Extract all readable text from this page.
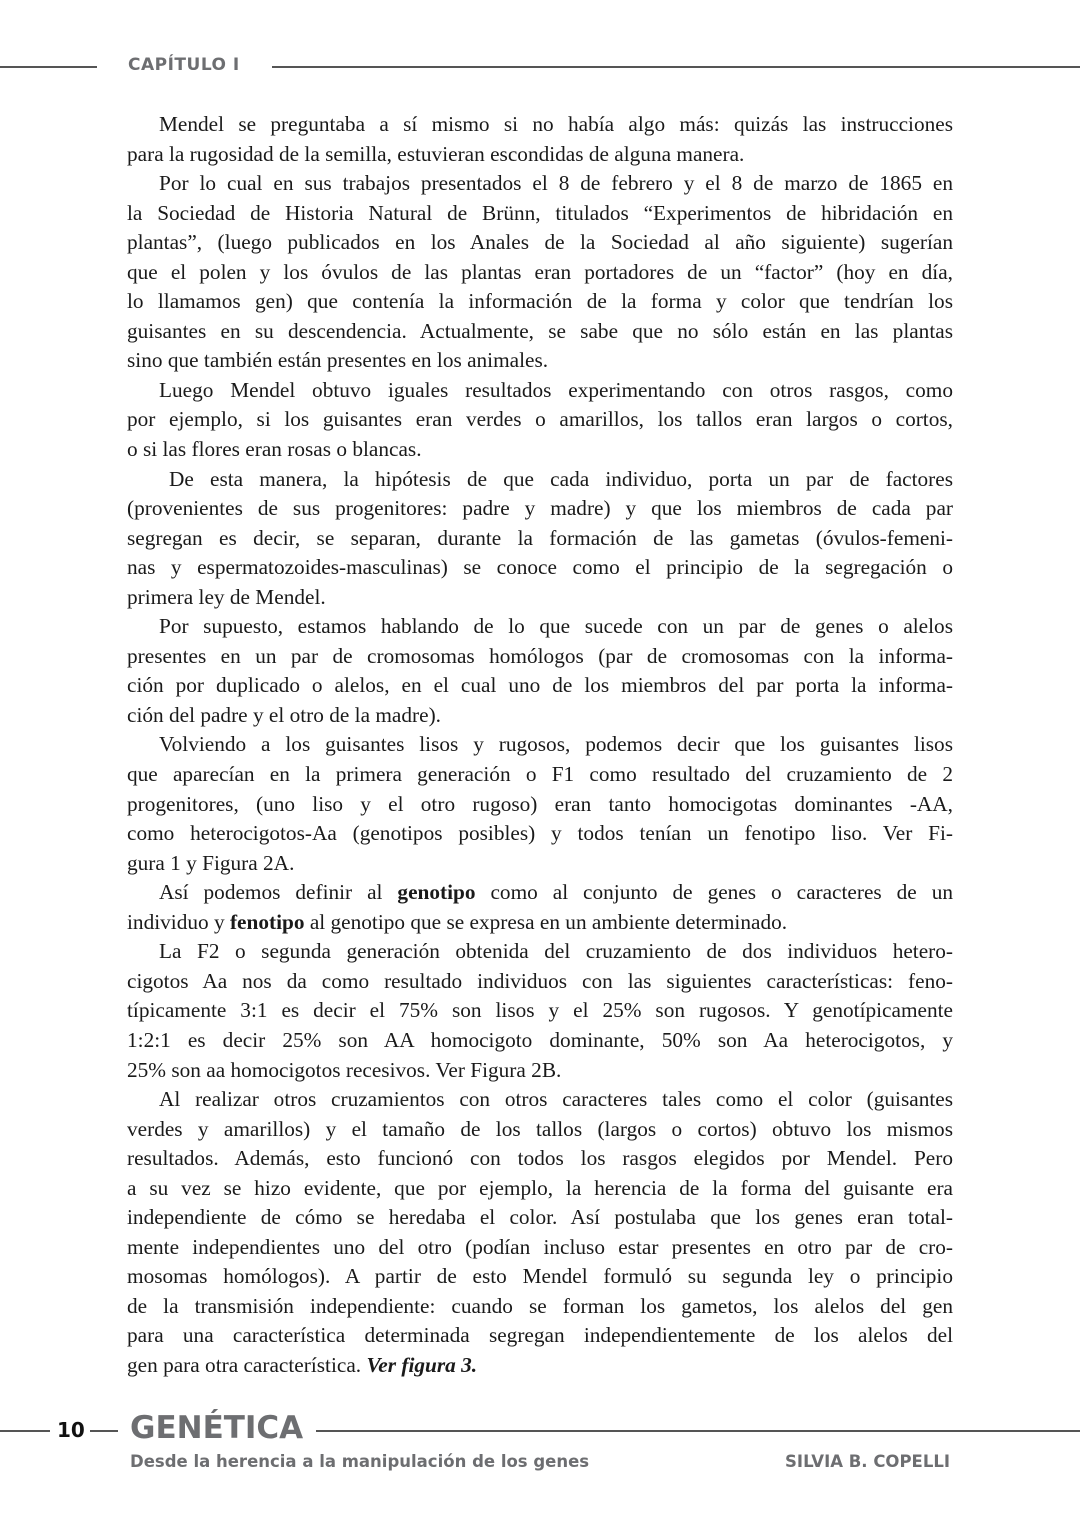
CAPÍTULO I
Mendel se preguntaba a sí mismo si no había algo más: quizás las instrucciones
para la rugosidad de la semilla, estuvieran escondidas de alguna manera.
Por lo cual en sus trabajos presentados el 8 de febrero y el 8 de marzo de 1865 en
la Sociedad de Historia Natural de Brünn, titulados “Experimentos de hibridación en
plantas”, (luego publicados en los Anales de la Sociedad al año siguiente) sugerían
que el polen y los óvulos de las plantas eran portadores de un “factor” (hoy en día,
lo llamamos gen) que contenía la información de la forma y color que tendrían los
guisantes en su descendencia. Actualmente, se sabe que no sólo están en las plantas
sino que también están presentes en los animales.
Luego Mendel obtuvo iguales resultados experimentando con otros rasgos, como
por ejemplo, si los guisantes eran verdes o amarillos, los tallos eran largos o cortos,
o si las flores eran rosas o blancas.
De esta manera, la hipótesis de que cada individuo, porta un par de factores
(provenientes de sus progenitores: padre y madre) y que los miembros de cada par
segregan es decir, se separan, durante la formación de las gametas (óvulos-femeni-
nas y espermatozoides-masculinas) se conoce como el principio de la segregación o
primera ley de Mendel.
Por supuesto, estamos hablando de lo que sucede con un par de genes o alelos
presentes en un par de cromosomas homólogos (par de cromosomas con la informa-
ción por duplicado o alelos, en el cual uno de los miembros del par porta la informa-
ción del padre y el otro de la madre).
Volviendo a los guisantes lisos y rugosos, podemos decir que los guisantes lisos
que aparecían en la primera generación o F1 como resultado del cruzamiento de 2
progenitores, (uno liso y el otro rugoso) eran tanto homocigotas dominantes -AA,
como heterocigotos-Aa (genotipos posibles) y todos tenían un fenotipo liso. Ver Fi-
gura 1 y Figura 2A.
Así podemos definir al genotipo como al conjunto de genes o caracteres de un
individuo y fenotipo al genotipo que se expresa en un ambiente determinado.
La F2 o segunda generación obtenida del cruzamiento de dos individuos hetero-
cigotos Aa nos da como resultado individuos con las siguientes características: feno-
típicamente 3:1 es decir el 75% son lisos y el 25% son rugosos. Y genotípicamente
1:2:1 es decir 25% son AA homocigoto dominante, 50% son Aa heterocigotos, y
25% son aa homocigotos recesivos. Ver Figura 2B.
Al realizar otros cruzamientos con otros caracteres tales como el color (guisantes
verdes y amarillos) y el tamaño de los tallos (largos o cortos) obtuvo los mismos
resultados. Además, esto funcionó con todos los rasgos elegidos por Mendel. Pero
a su vez se hizo evidente, que por ejemplo, la herencia de la forma del guisante era
independiente de cómo se heredaba el color. Así postulaba que los genes eran total-
mente independientes uno del otro (podían incluso estar presentes en otro par de cro-
mosomas homólogos). A partir de esto Mendel formuló su segunda ley o principio
de la transmisión independiente: cuando se forman los gametos, los alelos del gen
para una característica determinada segregan independientemente de los alelos del
gen para otra característica. Ver figura 3.
10 GENÉTICA
Desde la herencia a la manipulación de los genes	SILVIA B. COPELLI
